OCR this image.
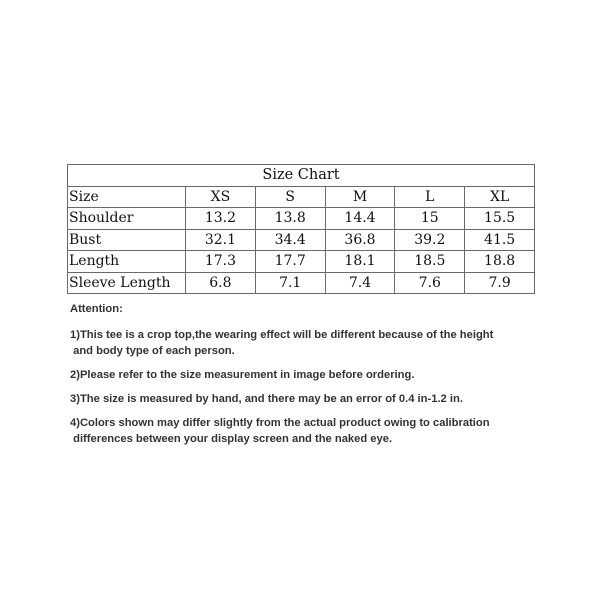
Size Chart					
Size	XS	S	M	L	XL
Shoulder	13.2	13.8	14.4	15	15.5
Bust	32.1	34.4	36.8	39.2	41.5
Length	17.3	17.7	18.1	18.5	18.8
Sleeve Length	6.8	7.1	7.4	7.6	7.9
Attention:
1)This tee is a crop top,the wearing effect will be different because of the height
and body type of each person.
2)Please refer to the size measurement in image before ordering.
3)The size is measured by hand, and there may be an error of 0.4 in-1.2 in.
4)Colors shown may differ slightly from the actual product owing to calibration
differences between your display screen and the naked eye.
